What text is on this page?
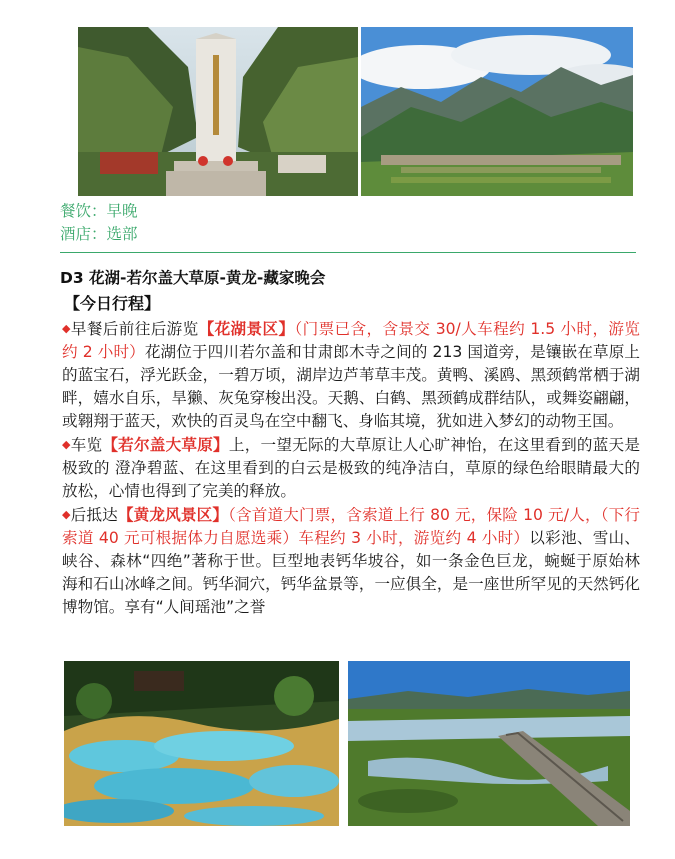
餐饮：早晚
酒店：选部
D3 花湖-若尔盖大草原-黄龙-藏家晚会
【今日行程】

◆早餐后前往后游览【花湖景区】（门票已含，含景交 30/人车程约 1.5 小时，游览约 2 小时）花湖位于四川若尔盖和甘肃郎木寺之间的 213 国道旁，是镶嵌在草原上的蓝宝石，浮光跃金，一碧万顷，湖岸边芦苇草丰茂。黄鸭、溪鸥、黑颈鹤常栖于湖畔，嬉水自乐，旱獭、灰兔穿梭出没。天鹅、白鹤、黑颈鹤成群结队，或舞姿翩翩，或翱翔于蓝天，欢快的百灵鸟在空中翻飞、身临其境，犹如进入梦幻的动物王国。

◆车览【若尔盖大草原】上，一望无际的大草原让人心旷神怡，在这里看到的蓝天是极致的 澄净碧蓝、在这里看到的白云是极致的纯净洁白，草原的绿色给眼睛最大的放松，心情也得到了完美的释放。

◆后抵达【黄龙风景区】（含首道大门票，含索道上行 80 元，保险 10 元/人，（下行索道 40 元可根据体力自愿选乘）车程约 3 小时，游览约 4 小时）以彩池、雪山、峡谷、森林“四绝”著称于世。巨型地表钙华坡谷，如一条金色巨龙，蜿蜒于原始林 海和石山冰峰之间。钙华洞穴，钙华盆景等，一应俱全，是一座世所罕见的天然钙化 博物馆。享有“人间瑶池”之誉
